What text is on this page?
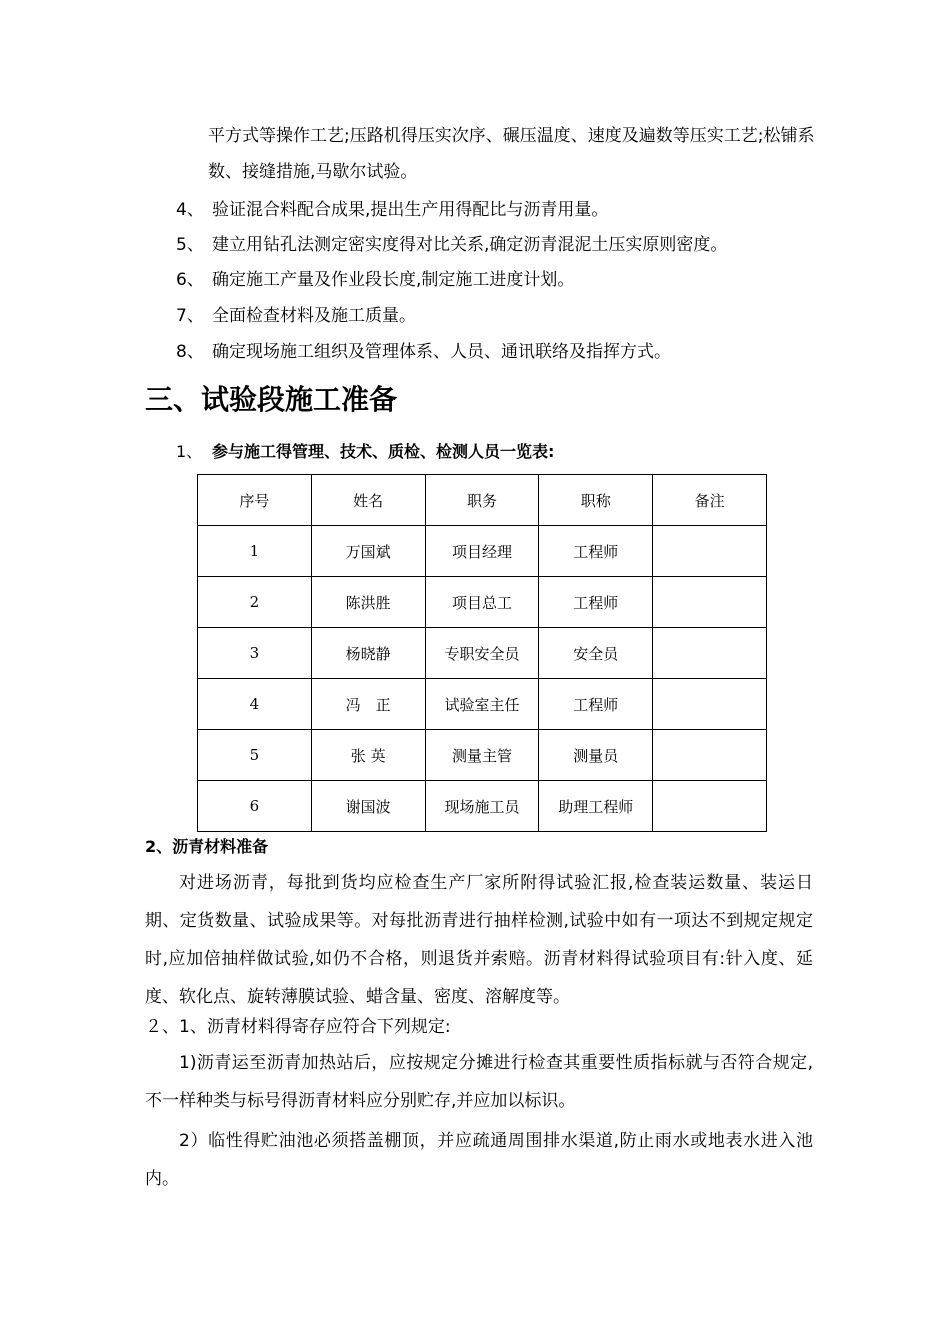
平方式等操作工艺;压路机得压实次序、碾压温度、速度及遍数等压实工艺;松铺系数、接缝措施,马歇尔试验。

4、 验证混合料配合成果,提出生产用得配比与沥青用量。
5、 建立用钻孔法测定密实度得对比关系,确定沥青混泥土压实原则密度。
6、 确定施工产量及作业段长度,制定施工进度计划。
7、 全面检查材料及施工质量。
8、 确定现场施工组织及管理体系、人员、通讯联络及指挥方式。
三、试验段施工准备
1、 参与施工得管理、技术、质检、检测人员一览表:
序号	姓名	职务	职称	备注
1	万国斌	项目经理	工程师	
2	陈洪胜	项目总工	工程师	
3	杨晓静	专职安全员	安全员	
4	冯　正	试验室主任	工程师	
5	张 英	测量主管	测量员	
6	谢国波	现场施工员	助理工程师	
2、沥青材料准备

对进场沥青，每批到货均应检查生产厂家所附得试验汇报,检查装运数量、装运日期、定货数量、试验成果等。对每批沥青进行抽样检测,试验中如有一项达不到规定规定时,应加倍抽样做试验,如仍不合格，则退货并索赔。沥青材料得试验项目有:针入度、延度、软化点、旋转薄膜试验、蜡含量、密度、溶解度等。

２、1、沥青材料得寄存应符合下列规定:

1)沥青运至沥青加热站后，应按规定分摊进行检查其重要性质指标就与否符合规定,不一样种类与标号得沥青材料应分别贮存,并应加以标识。

2）临性得贮油池必须搭盖棚顶，并应疏通周围排水渠道,防止雨水或地表水进入池内。
